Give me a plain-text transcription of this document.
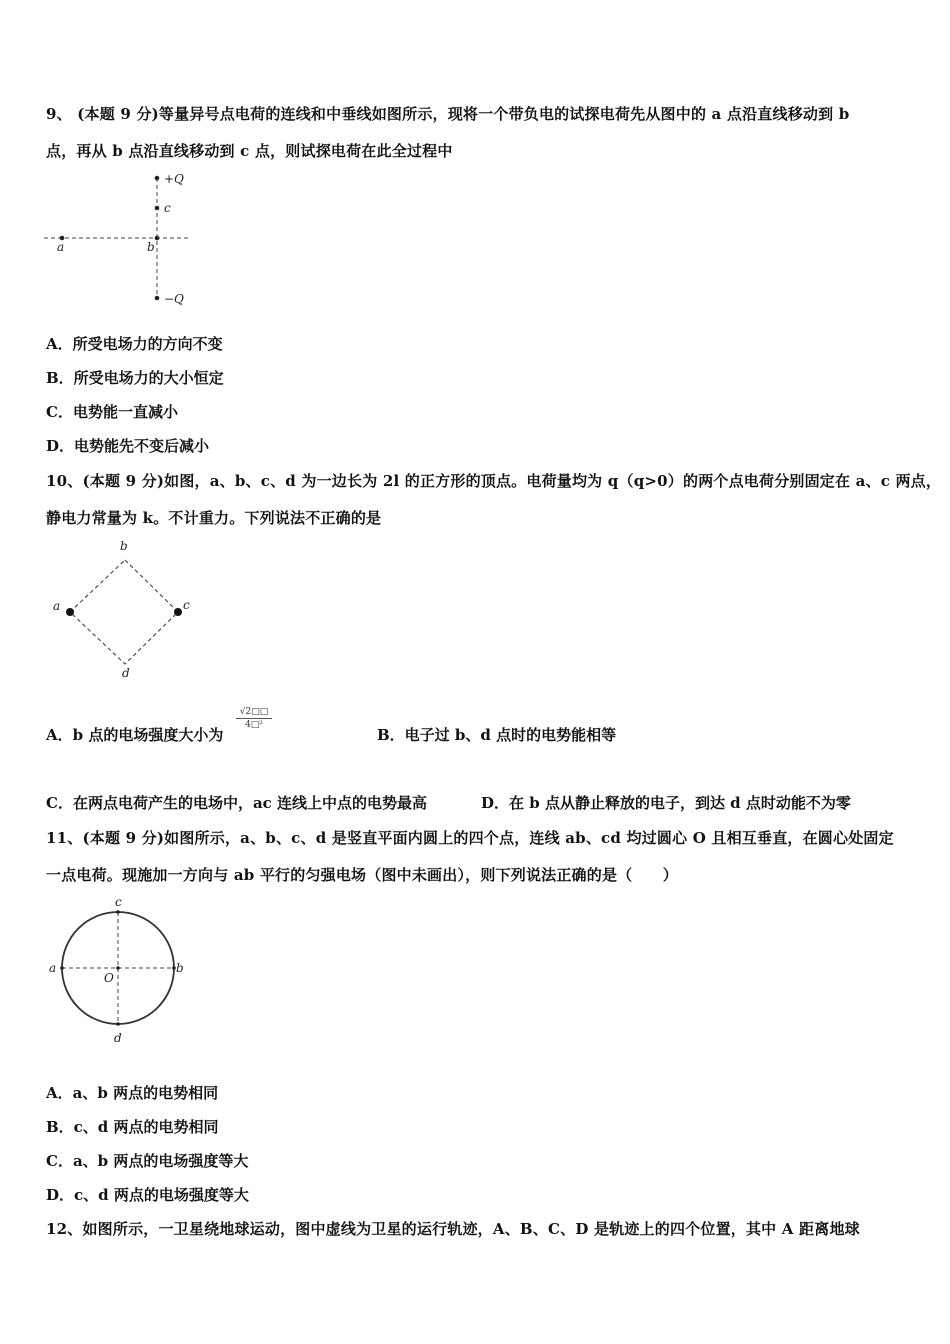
9、 (本题 9 分)等量异号点电荷的连线和中垂线如图所示，现将一个带负电的试探电荷先从图中的 a 点沿直线移动到 b
点，再从 b 点沿直线移动到 c 点，则试探电荷在此全过程中
+Q
c
b
a
−Q
A．所受电场力的方向不变
B．所受电场力的大小恒定
C．电势能一直减小
D．电势能先不变后减小
10、(本题 9 分)如图，a、b、c、d 为一边长为 2l 的正方形的顶点。电荷量均为 q（q>0）的两个点电荷分别固定在 a、c 两点，
静电力常量为 k。不计重力。下列说法不正确的是
b
a	c
d
A．b 点的电场强度大小为
$\frac{√2□□}{\text{4□²}}$
B．电子过 b、d 点时的电势能相等
C．在两点电荷产生的电场中，ac 连线上中点的电势最高	D．在 b 点从静止释放的电子，到达 d 点时动能不为零
11、(本题 9 分)如图所示，a、b、c、d 是竖直平面内圆上的四个点，连线 ab、cd 均过圆心 O 且相互垂直，在圆心处固定
一点电荷。现施加一方向与 ab 平行的匀强电场（图中未画出），则下列说法正确的是（　　）
c
a	b
O
d
A．a、b 两点的电势相同
B．c、d 两点的电势相同
C．a、b 两点的电场强度等大
D．c、d 两点的电场强度等大
12、如图所示，一卫星绕地球运动，图中虚线为卫星的运行轨迹，A、B、C、D 是轨迹上的四个位置，其中 A 距离地球
